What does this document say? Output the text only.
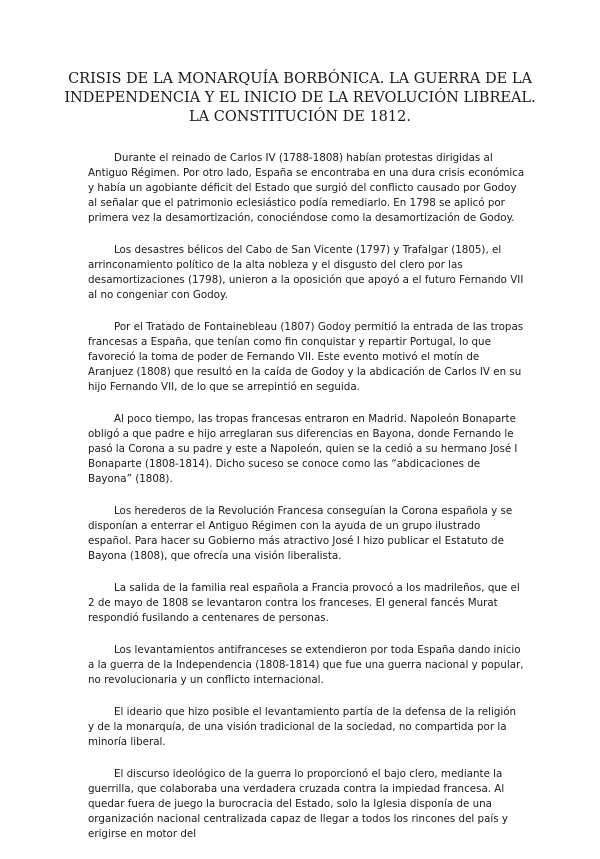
CRISIS DE LA MONARQUÍA BORBÓNICA. LA GUERRA DE LA INDEPENDENCIA Y EL INICIO DE LA REVOLUCIÓN LIBREAL. LA CONSTITUCIÓN DE 1812.

Durante el reinado de Carlos IV (1788-1808) habían protestas dirigidas al Antiguo Régimen. Por otro lado, España se encontraba en una dura crisis económica y había un agobiante déficit del Estado que surgió del conflicto causado por Godoy al señalar que el patrimonio eclesiástico podía remediarlo. En 1798 se aplicó por primera vez la desamortización, conociéndose como la desamortización de Godoy.

Los desastres bélicos del Cabo de San Vicente (1797) y Trafalgar (1805), el arrinconamiento político de la alta nobleza y el disgusto del clero por las desamortizaciones (1798), unieron a la oposición que apoyó a el futuro Fernando VII al no congeniar con Godoy.

Por el Tratado de Fontainebleau (1807) Godoy permitió la entrada de las tropas francesas a España, que tenían como fin conquistar y repartir Portugal, lo que favoreció la toma de poder de Fernando VII. Este evento motivó el motín de Aranjuez (1808) que resultó en la caída de Godoy y la abdicación de Carlos IV en su hijo Fernando VII, de lo que se arrepintió en seguida.

Al poco tiempo, las tropas francesas entraron en Madrid. Napoleón Bonaparte obligó a que padre e hijo arreglaran sus diferencias en Bayona, donde Fernando le pasó la Corona a su padre y este a Napoleón, quien se la cedió a su hermano José I Bonaparte (1808-1814). Dicho suceso se conoce como las “abdicaciones de Bayona” (1808).

Los herederos de la Revolución Francesa conseguían la Corona española y se disponían a enterrar el Antiguo Régimen con la ayuda de un grupo ilustrado español. Para hacer su Gobierno más atractivo José I hizo publicar el Estatuto de Bayona (1808), que ofrecía una visión liberalista.

La salida de la familia real española a Francia provocó a los madrileños, que el 2 de mayo de 1808 se levantaron contra los franceses. El general fancés Murat respondió fusilando a centenares de personas.

Los levantamientos antifranceses se extendieron por toda España dando inicio a la guerra de la Independencia (1808-1814) que fue una guerra nacional y popular, no revolucionaria y un conflicto internacional.

El ideario que hizo posible el levantamiento partía de la defensa de la religión y de la monarquía, de una visión tradicional de la sociedad, no compartida por la minoría liberal.

El discurso ideológico de la guerra lo proporcionó el bajo clero, mediante la guerrilla, que colaboraba una verdadera cruzada contra la impiedad francesa. Al quedar fuera de juego la burocracia del Estado, solo la Iglesia disponía de una organización nacional centralizada capaz de llegar a todos los rincones del país y erigirse en motor del
